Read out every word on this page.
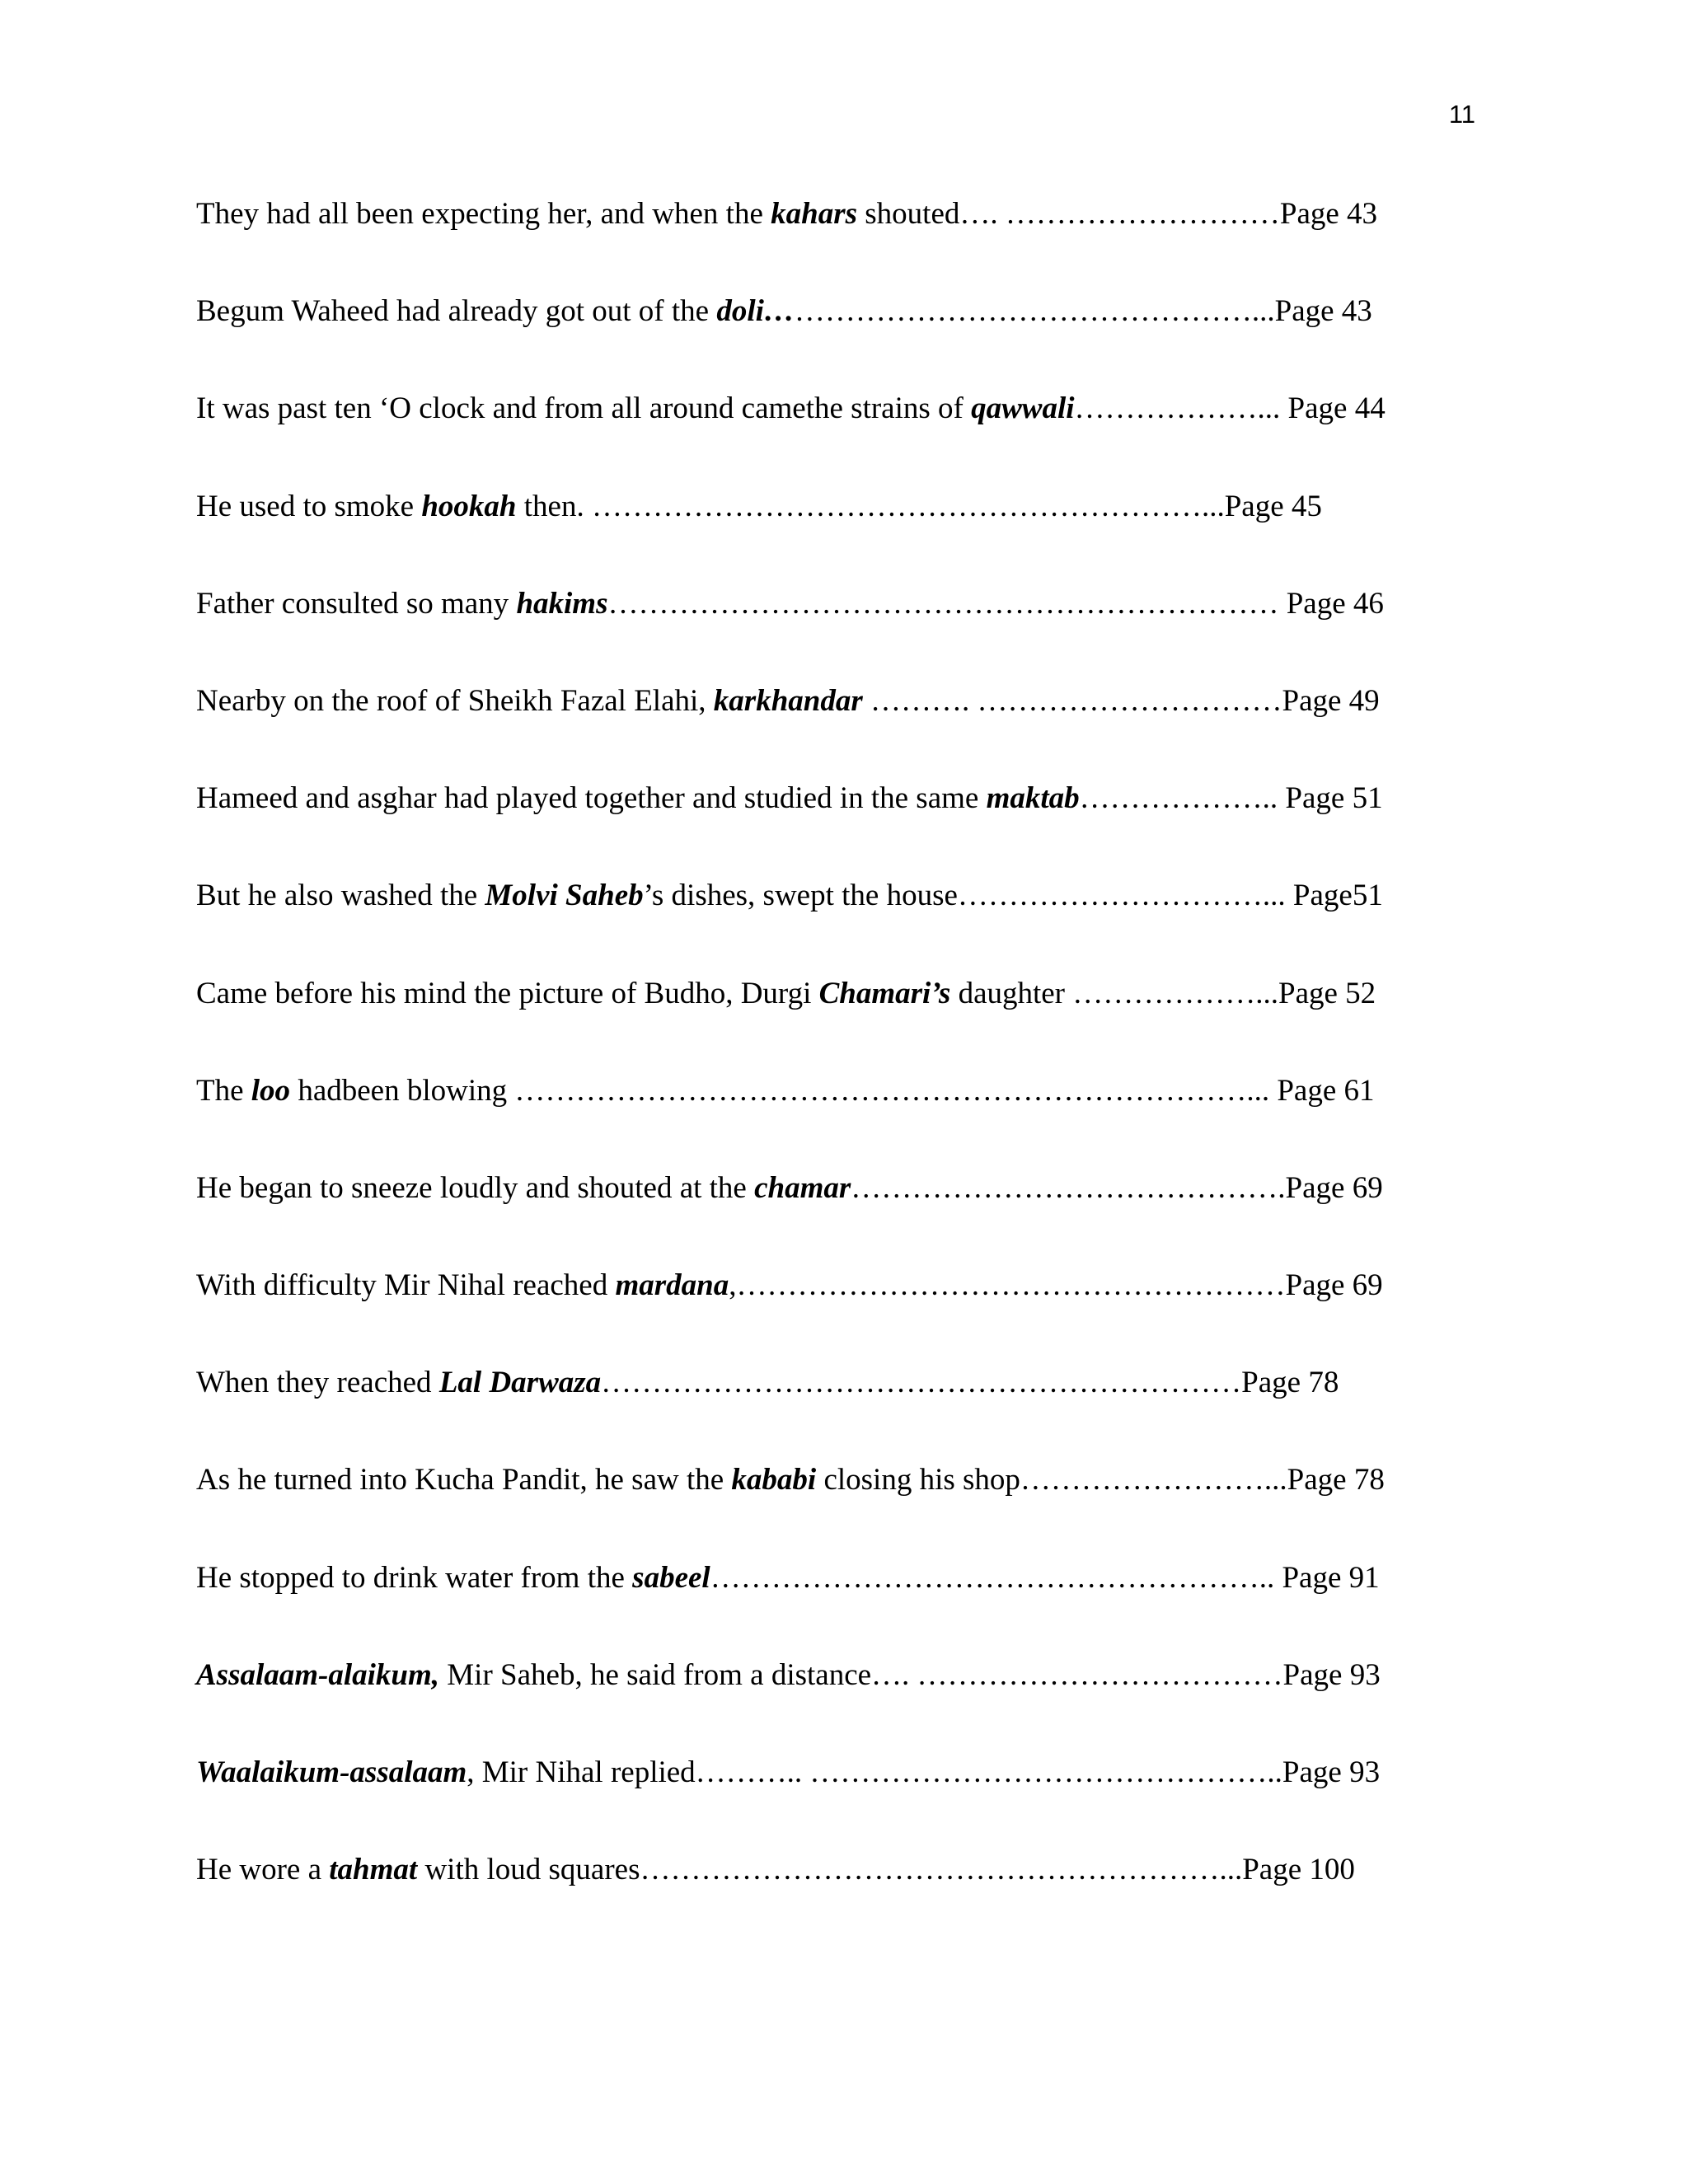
11
They had all been expecting her, and when the kahars shouted…. ………………………Page 43
Begum Waheed had already got out of the doli…………………………………………...Page 43
It was past ten ‘O clock and from all around camethe strains of qawwali………………... Page 44
He used to smoke hookah then. ……………………………………………………...Page 45
Father consulted so many hakims………………………………………………………… Page 46
Nearby on the roof of Sheikh Fazal Elahi, karkhandar ………. …………………………Page 49
Hameed and asghar had played together and studied in the same maktab……………….. Page 51
But he also washed the Molvi Saheb’s dishes, swept the house…………………………... Page51
Came before his mind the picture of Budho, Durgi Chamari’s daughter ………………...Page 52
The loo hadbeen blowing ………………………………………………………………... Page 61
He began to sneeze loudly and shouted at the chamar…………………………………….Page 69
With difficulty Mir Nihal reached mardana,………………………………………………Page 69
When they reached Lal Darwaza………………………………………………………Page 78
As he turned into Kucha Pandit, he saw the kababi closing his shop……………………...Page 78
He stopped to drink water from the sabeel……………………………………………….. Page 91
Assalaam-alaikum, Mir Saheb, he said from a distance…. ………………………………Page 93
Waalaikum-assalaam, Mir Nihal replied……….. ………………………………………..Page 93
He wore a tahmat with loud squares…………………………………………………...Page 100
